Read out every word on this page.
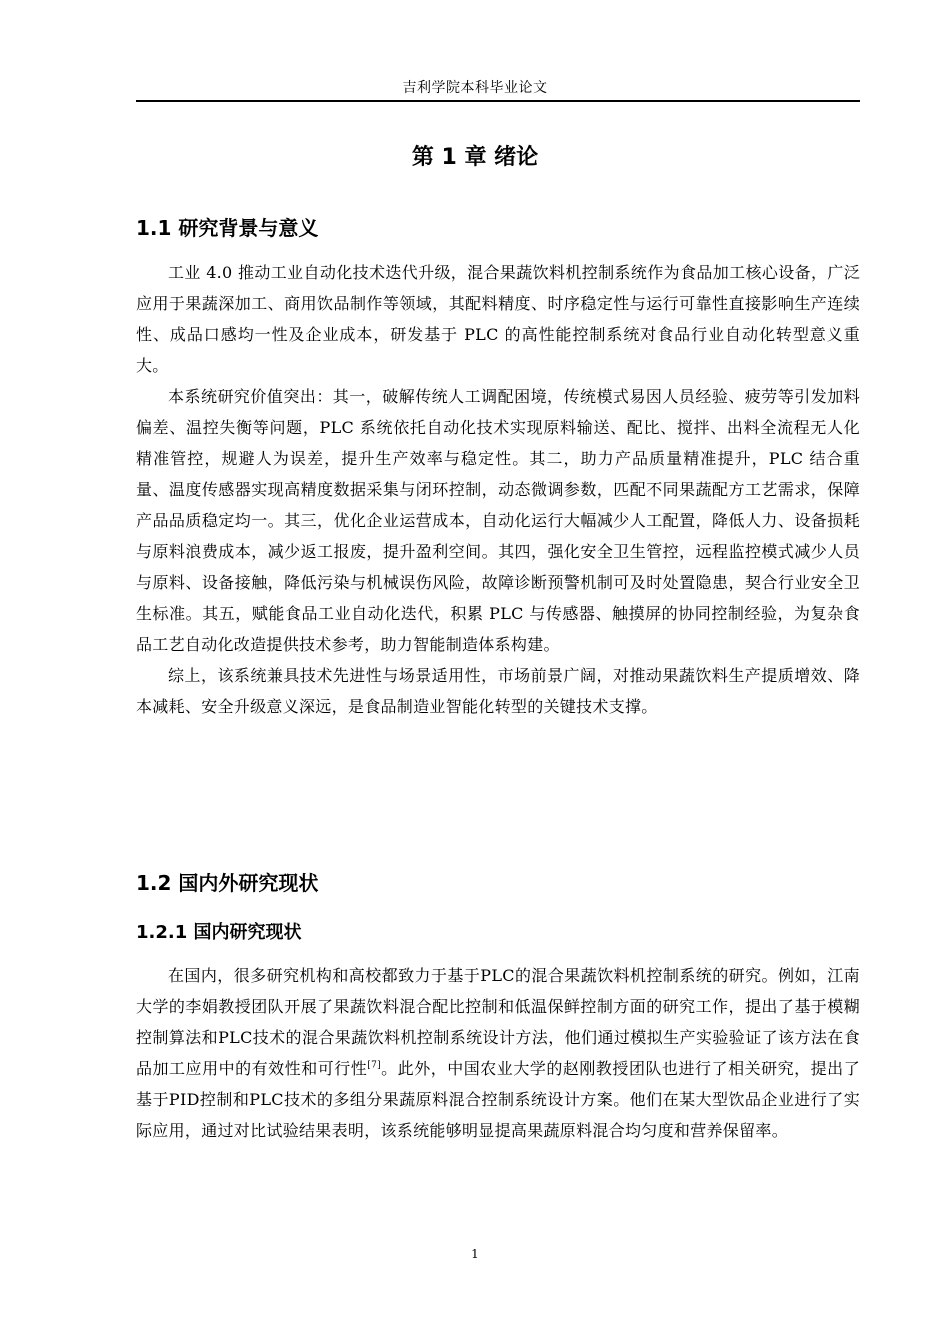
吉利学院本科毕业论文
第 1 章 绪论
1.1 研究背景与意义

工业 4.0 推动工业自动化技术迭代升级，混合果蔬饮料机控制系统作为食品加工核心设备，广泛应用于果蔬深加工、商用饮品制作等领域，其配料精度、时序稳定性与运行可靠性直接影响生产连续性、成品口感均一性及企业成本，研发基于 PLC 的高性能控制系统对食品行业自动化转型意义重大。

本系统研究价值突出：其一，破解传统人工调配困境，传统模式易因人员经验、疲劳等引发加料偏差、温控失衡等问题，PLC 系统依托自动化技术实现原料输送、配比、搅拌、出料全流程无人化精准管控，规避人为误差，提升生产效率与稳定性。其二，助力产品质量精准提升，PLC 结合重量、温度传感器实现高精度数据采集与闭环控制，动态微调参数，匹配不同果蔬配方工艺需求，保障产品品质稳定均一。其三，优化企业运营成本，自动化运行大幅减少人工配置，降低人力、设备损耗与原料浪费成本，减少返工报废，提升盈利空间。其四，强化安全卫生管控，远程监控模式减少人员与原料、设备接触，降低污染与机械误伤风险，故障诊断预警机制可及时处置隐患，契合行业安全卫生标准。其五，赋能食品工业自动化迭代，积累 PLC 与传感器、触摸屏的协同控制经验，为复杂食品工艺自动化改造提供技术参考，助力智能制造体系构建。

综上，该系统兼具技术先进性与场景适用性，市场前景广阔，对推动果蔬饮料生产提质增效、降本减耗、安全升级意义深远，是食品制造业智能化转型的关键技术支撑。

1.2 国内外研究现状
1.2.1 国内研究现状

在国内，很多研究机构和高校都致力于基于PLC的混合果蔬饮料机控制系统的研究。例如，江南大学的李娟教授团队开展了果蔬饮料混合配比控制和低温保鲜控制方面的研究工作，提出了基于模糊控制算法和PLC技术的混合果蔬饮料机控制系统设计方法，他们通过模拟生产实验验证了该方法在食品加工应用中的有效性和可行性[7]。此外，中国农业大学的赵刚教授团队也进行了相关研究，提出了基于PID控制和PLC技术的多组分果蔬原料混合控制系统设计方案。他们在某大型饮品企业进行了实际应用，通过对比试验结果表明，该系统能够明显提高果蔬原料混合均匀度和营养保留率。

1
